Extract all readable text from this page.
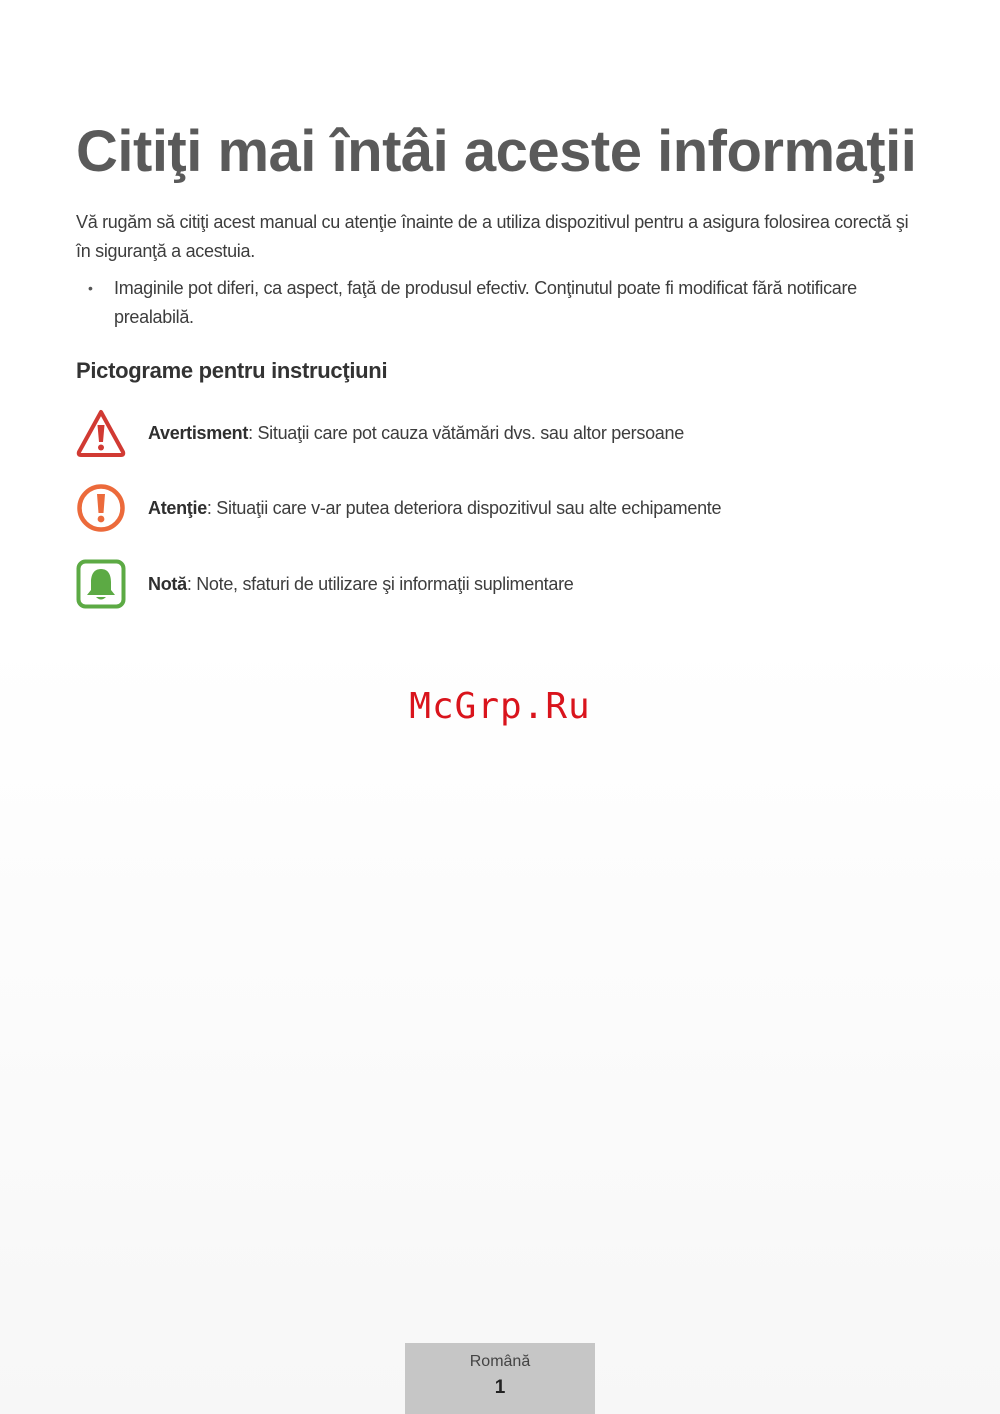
Citiţi mai întâi aceste informaţii

Vă rugăm să citiţi acest manual cu atenţie înainte de a utiliza dispozitivul pentru a asigura folosirea corectă şi în siguranţă a acestuia.

• Imaginile pot diferi, ca aspect, faţă de produsul efectiv. Conţinutul poate fi modificat fără notificare prealabilă.
Pictograme pentru instrucţiuni
Avertisment: Situaţii care pot cauza vătămări dvs. sau altor persoane
Atenţie: Situaţii care v-ar putea deteriora dispozitivul sau alte echipamente
Notă: Note, sfaturi de utilizare şi informaţii suplimentare
McGrp.Ru
Română
1
